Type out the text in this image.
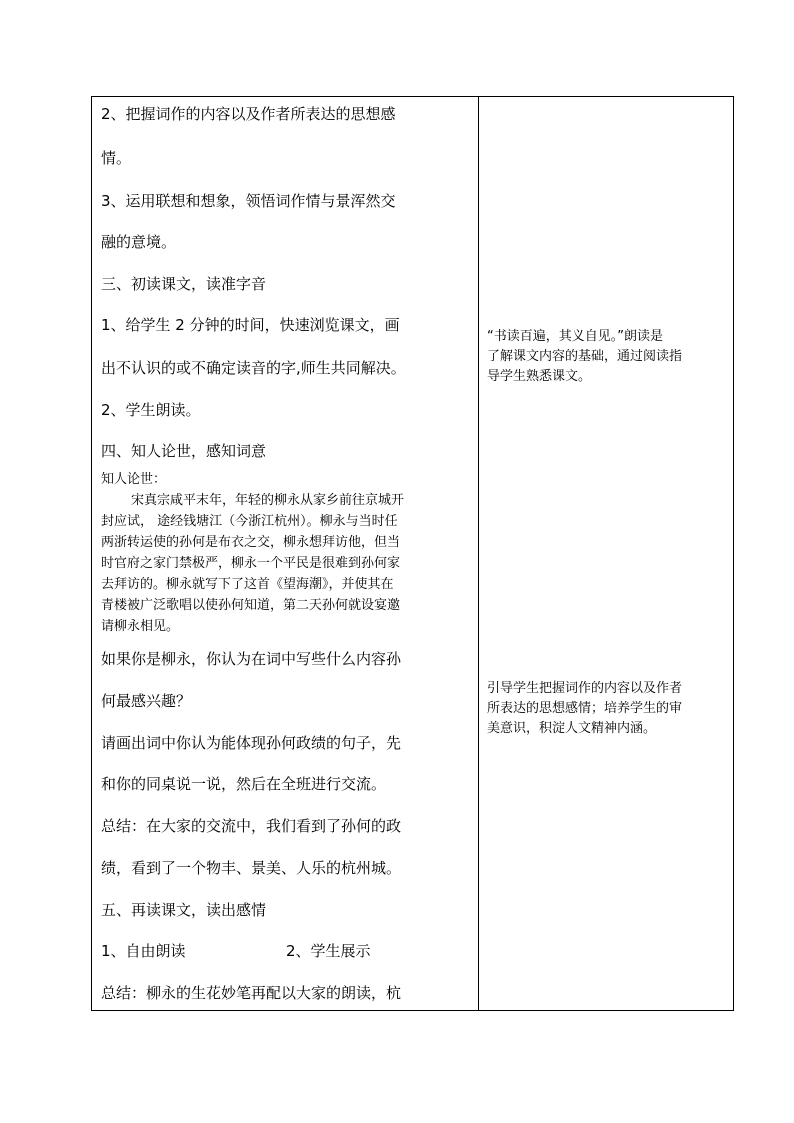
2、把握词作的内容以及作者所表达的思想感
情。
3、运用联想和想象，领悟词作情与景浑然交
融的意境。
三、初读课文，读准字音
1、给学生 2 分钟的时间，快速浏览课文，画
出不认识的或不确定读音的字,师生共同解决。
2、学生朗读。
四、知人论世，感知词意
知人论世：
宋真宗咸平末年，年轻的柳永从家乡前往京城开
封应试， 途经钱塘江（今浙江杭州）。柳永与当时任
两浙转运使的孙何是布衣之交，柳永想拜访他，但当
时官府之家门禁极严，柳永一个平民是很难到孙何家
去拜访的。柳永就写下了这首《望海潮》，并使其在
青楼被广泛歌唱以使孙何知道，第二天孙何就设宴邀
请柳永相见。
如果你是柳永，你认为在词中写些什么内容孙
何最感兴趣？
请画出词中你认为能体现孙何政绩的句子，先
和你的同桌说一说，然后在全班进行交流。
总结：在大家的交流中，我们看到了孙何的政
绩，看到了一个物丰、景美、人乐的杭州城。
五、再读课文，读出感情
1、自由朗读	2、学生展示
总结：柳永的生花妙笔再配以大家的朗读，杭
“书读百遍，其义自见。”朗读是
了解课文内容的基础，通过阅读指
导学生熟悉课文。
引导学生把握词作的内容以及作者
所表达的思想感情；培养学生的审
美意识，积淀人文精神内涵。
